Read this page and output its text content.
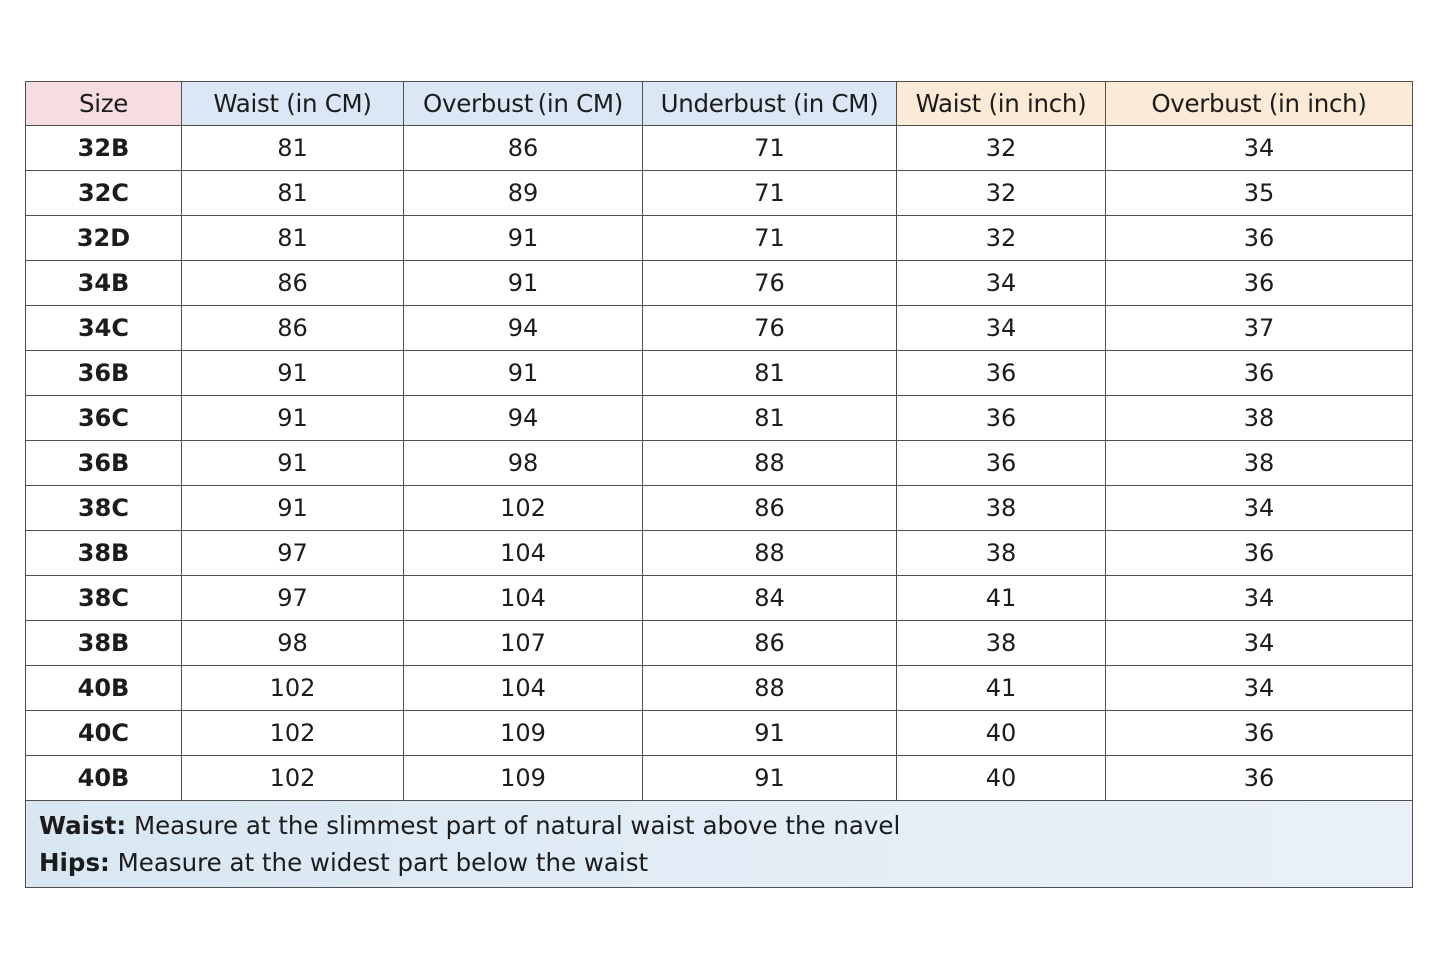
Size	Waist (in CM)	Overbust (in CM)	Underbust (in CM)	Waist (in inch)	Overbust (in inch)
32B	81	86	71	32	34
32C	81	89	71	32	35
32D	81	91	71	32	36
34B	86	91	76	34	36
34C	86	94	76	34	37
36B	91	91	81	36	36
36C	91	94	81	36	38
36B	91	98	88	36	38
38C	91	102	86	38	34
38B	97	104	88	38	36
38C	97	104	84	41	34
38B	98	107	86	38	34
40B	102	104	88	41	34
40C	102	109	91	40	36
40B	102	109	91	40	36

Waist: Measure at the slimmest part of natural waist above the navel
Hips: Measure at the widest part below the waist					
